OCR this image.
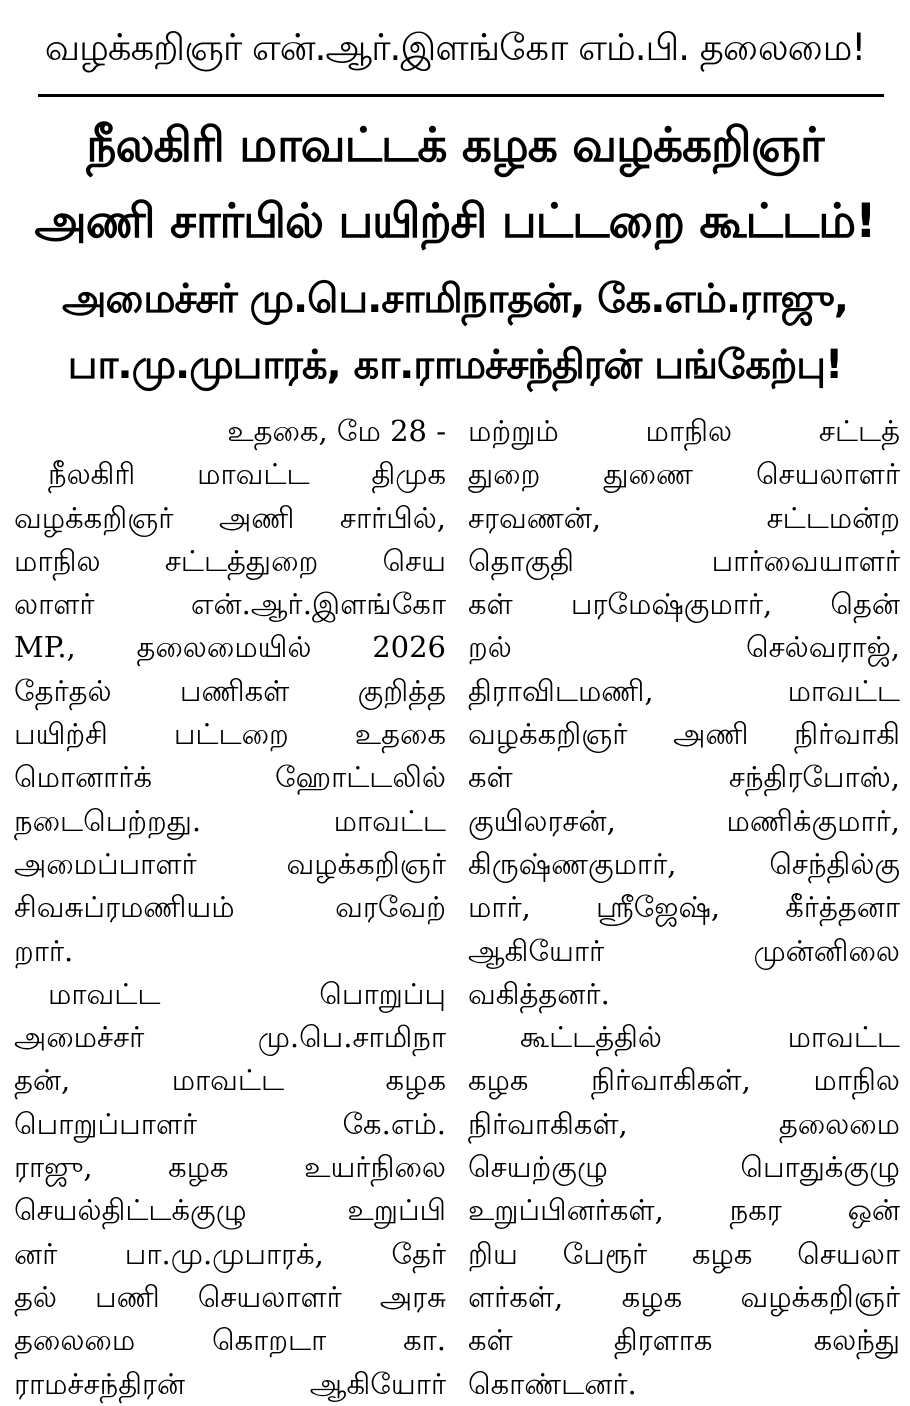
வழக்கறிஞர் என்.ஆர்.இளங்கோ எம்.பி. தலைமை!
நீலகிரி மாவட்டக் கழக வழக்கறிஞர்
அணி சார்பில் பயிற்சி பட்டறை கூட்டம்!
அமைச்சர் மு.பெ.சாமிநாதன், கே.எம்.ராஜு,
பா.மு.முபாரக், கா.ராமச்சந்திரன் பங்கேற்பு!
உதகை, மே 28 -
நீலகிரி மாவட்ட திமுக
வழக்கறிஞர் அணி சார்பில்,
மாநில சட்டத்துறை செய
லாளர் என்.ஆர்.இளங்கோ
MP., தலைமையில் 2026
தேர்தல் பணிகள் குறித்த
பயிற்சி பட்டறை உதகை
மொனார்க் ஹோட்டலில்
நடைபெற்றது. மாவட்ட
அமைப்பாளர் வழக்கறிஞர்
சிவசுப்ரமணியம் வரவேற்
றார்.
மாவட்ட பொறுப்பு
அமைச்சர் மு.பெ.சாமிநா
தன், மாவட்ட கழக
பொறுப்பாளர் கே.எம்.
ராஜு, கழக உயர்நிலை
செயல்திட்டக்குழு உறுப்பி
னர் பா.மு.முபாரக், தேர்
தல் பணி செயலாளர் அரசு
தலைமை கொறடா கா.
ராமச்சந்திரன் ஆகியோர்
மற்றும் மாநில சட்டத்
துறை துணை செயலாளர்
சரவணன், சட்டமன்ற
தொகுதி பார்வையாளர்
கள் பரமேஷ்குமார், தென்
றல் செல்வராஜ்,
திராவிடமணி, மாவட்ட
வழக்கறிஞர் அணி நிர்வாகி
கள் சந்திரபோஸ்,
குயிலரசன், மணிக்குமார்,
கிருஷ்ணகுமார், செந்தில்கு
மார், ஸ்ரீஜேஷ், கீர்த்தனா
ஆகியோர் முன்னிலை
வகித்தனர்.
கூட்டத்தில் மாவட்ட
கழக நிர்வாகிகள், மாநில
நிர்வாகிகள், தலைமை
செயற்குழு பொதுக்குழு
உறுப்பினர்கள், நகர ஒன்
றிய பேரூர் கழக செயலா
ளர்கள், கழக வழக்கறிஞர்
கள் திரளாக கலந்து
கொண்டனர்.
